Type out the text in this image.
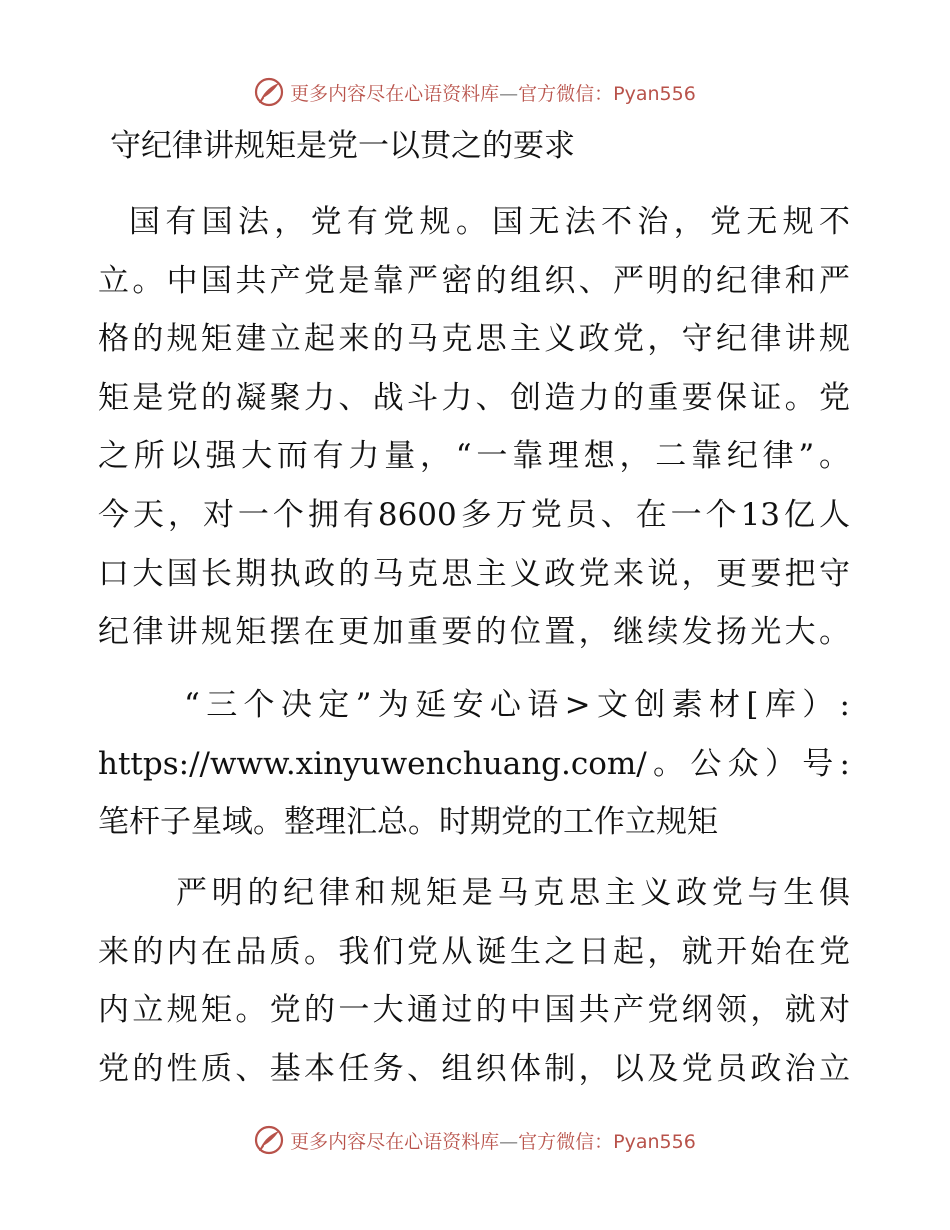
更多内容尽在心语资料库—官方微信：Pyan556
守纪律讲规矩是党一以贯之的要求
国有国法，党有党规。国无法不治，党无规不
立。中国共产党是靠严密的组织、严明的纪律和严
格的规矩建立起来的马克思主义政党，守纪律讲规
矩是党的凝聚力、战斗力、创造力的重要保证。党
之所以强大而有力量，“一靠理想，二靠纪律”。
今天，对一个拥有8600多万党员、在一个13亿人
口大国长期执政的马克思主义政党来说，更要把守
纪律讲规矩摆在更加重要的位置，继续发扬光大。
“三个决定”为延安心语>文创素材[库）:
https://www.xinyuwenchuang.com/。公众）号:
笔杆子星域。整理汇总。时期党的工作立规矩
严明的纪律和规矩是马克思主义政党与生俱
来的内在品质。我们党从诞生之日起，就开始在党
内立规矩。党的一大通过的中国共产党纲领，就对
党的性质、基本任务、组织体制，以及党员政治立
更多内容尽在心语资料库—官方微信：Pyan556
